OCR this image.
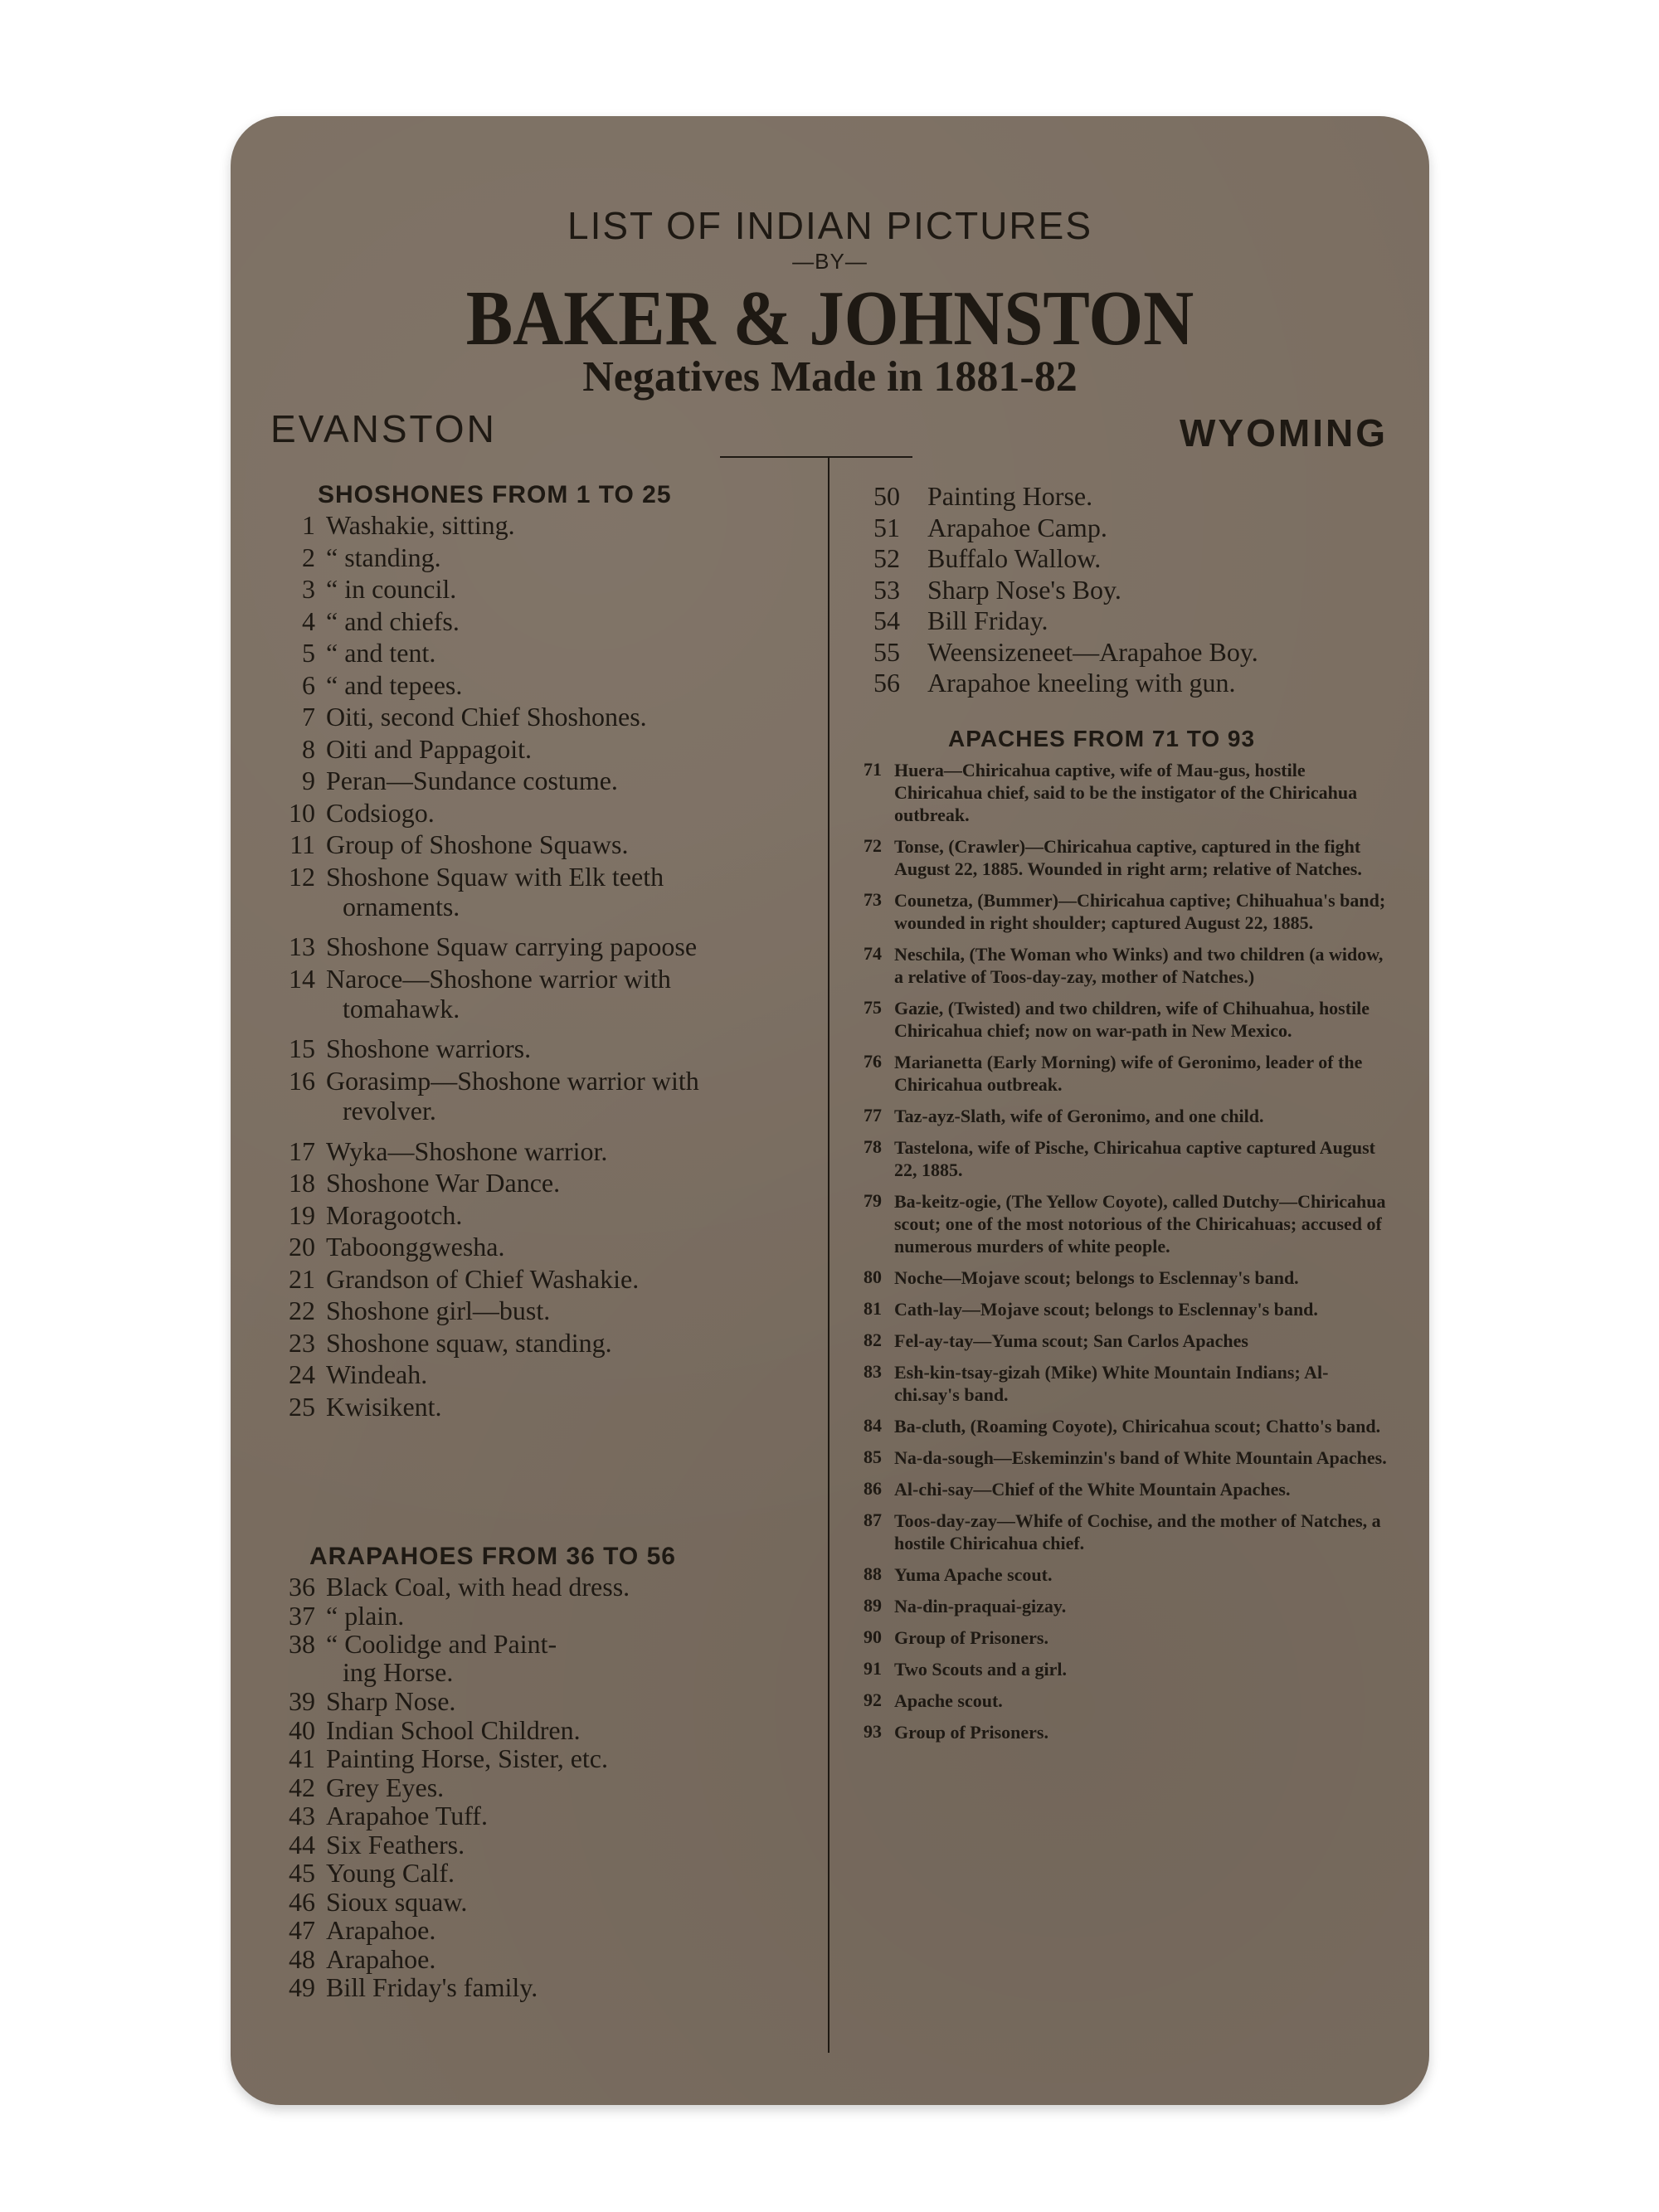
LIST OF INDIAN PICTURES
—BY—
BAKER & JOHNSTON
Negatives Made in 1881-82
EVANSTON	WYOMING
SHOSHONES FROM 1 TO 25
1 Washakie, sitting.
2 “ standing.
3 “ in council.
4 “ and chiefs.
5 “ and tent.
6 “ and tepees.
7 Oiti, second Chief Shoshones.
8 Oiti and Pappagoit.
9 Peran—Sundance costume.
10 Codsiogo.
11 Group of Shoshone Squaws.
12 Shoshone Squaw with Elk teeth
ornaments.
13 Shoshone Squaw carrying papoose
14 Naroce—Shoshone warrior with
tomahawk.
15 Shoshone warriors.
16 Gorasimp—Shoshone warrior with
revolver.
17 Wyka—Shoshone warrior.
18 Shoshone War Dance.
19 Moragootch.
20 Taboonggwesha.
21 Grandson of Chief Washakie.
22 Shoshone girl—bust.
23 Shoshone squaw, standing.
24 Windeah.
25 Kwisikent.
ARAPAHOES FROM 36 TO 56
36 Black Coal, with head dress.
37 “ plain.
38 “ Coolidge and Paint-
ing Horse.
39 Sharp Nose.
40 Indian School Children.
41 Painting Horse, Sister, etc.
42 Grey Eyes.
43 Arapahoe Tuff.
44 Six Feathers.
45 Young Calf.
46 Sioux squaw.
47 Arapahoe.
48 Arapahoe.
49 Bill Friday's family.
50 Painting Horse.
51 Arapahoe Camp.
52 Buffalo Wallow.
53 Sharp Nose's Boy.
54 Bill Friday.
55 Weensizeneet—Arapahoe Boy.
56 Arapahoe kneeling with gun.
APACHES FROM 71 TO 93
71 Huera—Chiricahua captive, wife of Mau-gus, hostile Chiricahua chief, said to be the instigator of the Chiricahua outbreak.
72 Tonse, (Crawler)—Chiricahua captive, captured in the fight August 22, 1885. Wounded in right arm; relative of Natches.
73 Counetza, (Bummer)—Chiricahua captive; Chihuahua's band; wounded in right shoulder; captured August 22, 1885.
74 Neschila, (The Woman who Winks) and two children (a widow, a relative of Toos-day-zay, mother of Natches.)
75 Gazie, (Twisted) and two children, wife of Chihuahua, hostile Chiricahua chief; now on war-path in New Mexico.
76 Marianetta (Early Morning) wife of Geronimo, leader of the Chiricahua outbreak.
77 Taz-ayz-Slath, wife of Geronimo, and one child.
78 Tastelona, wife of Pische, Chiricahua captive captured August 22, 1885.
79 Ba-keitz-ogie, (The Yellow Coyote), called Dutchy—Chiricahua scout; one of the most notorious of the Chiricahuas; accused of numerous murders of white people.
80 Noche—Mojave scout; belongs to Esclennay's band.
81 Cath-lay—Mojave scout; belongs to Esclennay's band.
82 Fel-ay-tay—Yuma scout; San Carlos Apaches
83 Esh-kin-tsay-gizah (Mike) White Mountain Indians; Al-chi.say's band.
84 Ba-cluth, (Roaming Coyote), Chiricahua scout; Chatto's band.
85 Na-da-sough—Eskeminzin's band of White Mountain Apaches.
86 Al-chi-say—Chief of the White Mountain Apaches.
87 Toos-day-zay—Whife of Cochise, and the mother of Natches, a hostile Chiricahua chief.
88 Yuma Apache scout.
89 Na-din-praquai-gizay.
90 Group of Prisoners.
91 Two Scouts and a girl.
92 Apache scout.
93 Group of Prisoners.
